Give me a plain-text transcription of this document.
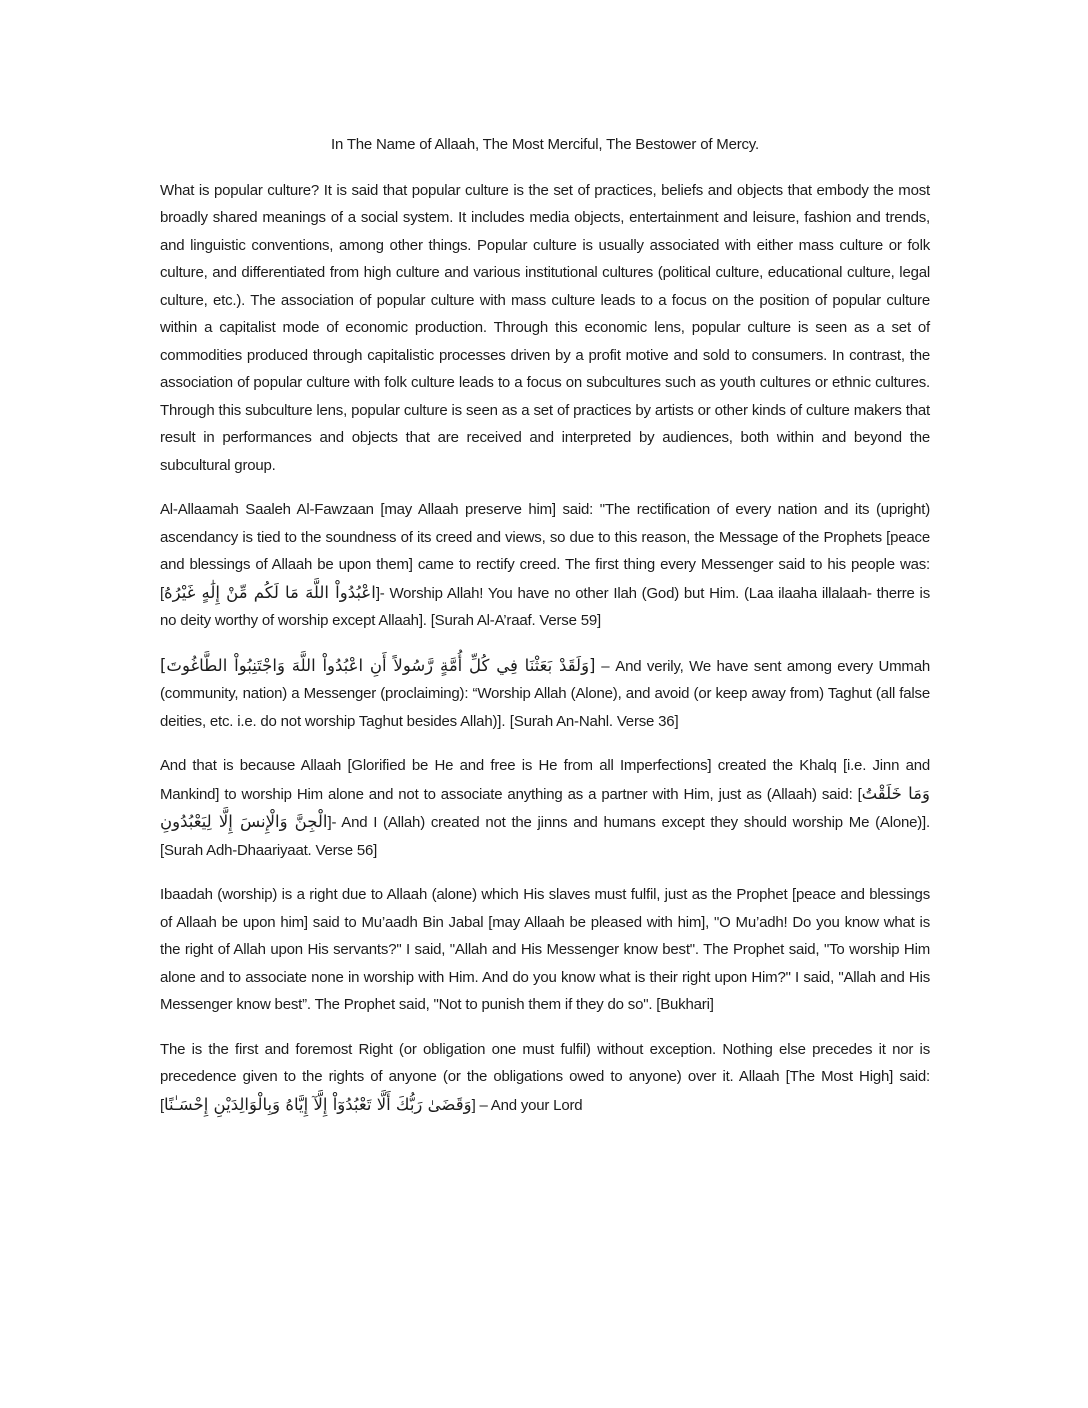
In The Name of Allaah, The Most Merciful, The Bestower of Mercy.

What is popular culture? It is said that popular culture is the set of practices, beliefs and objects that embody the most broadly shared meanings of a social system. It includes media objects, entertainment and leisure, fashion and trends, and linguistic conventions, among other things. Popular culture is usually associated with either mass culture or folk culture, and differentiated from high culture and various institutional cultures (political culture, educational culture, legal culture, etc.). The association of popular culture with mass culture leads to a focus on the position of popular culture within a capitalist mode of economic production. Through this economic lens, popular culture is seen as a set of commodities produced through capitalistic processes driven by a profit motive and sold to consumers. In contrast, the association of popular culture with folk culture leads to a focus on subcultures such as youth cultures or ethnic cultures. Through this subculture lens, popular culture is seen as a set of practices by artists or other kinds of culture makers that result in performances and objects that are received and interpreted by audiences, both within and beyond the subcultural group.

Al-Allaamah Saaleh Al-Fawzaan [may Allaah preserve him] said: "The rectification of every nation and its (upright) ascendancy is tied to the soundness of its creed and views, so due to this reason, the Message of the Prophets [peace and blessings of Allaah be upon them] came to rectify creed. The first thing every Messenger said to his people was: [اعْبُدُواْ اللَّهَ مَا لَكُم مِّنْ إِلَٰهٍ غَيْرُهُ]- Worship Allah! You have no other Ilah (God) but Him. (Laa ilaaha illalaah- therre is no deity worthy of worship except Allaah]. [Surah Al-A’raaf. Verse 59]

[وَلَقَدْ بَعَثْنَا فِي كُلِّ أُمَّةٍ رَّسُولاً أَنِ اعْبُدُواْ اللَّهَ وَاجْتَنِبُواْ الطَّاغُوتَ] – And verily, We have sent among every Ummah (community, nation) a Messenger (proclaiming): “Worship Allah (Alone), and avoid (or keep away from) Taghut (all false deities, etc. i.e. do not worship Taghut besides Allah)]. [Surah An-Nahl. Verse 36]

And that is because Allaah [Glorified be He and free is He from all Imperfections] created the Khalq [i.e. Jinn and Mankind] to worship Him alone and not to associate anything as a partner with Him, just as (Allaah) said: [وَمَا خَلَقْتُ الْجِنَّ وَالْإِنسَ إِلَّا لِيَعْبُدُونِ]- And I (Allah) created not the jinns and humans except they should worship Me (Alone)]. [Surah Adh-Dhaariyaat. Verse 56]

Ibaadah (worship) is a right due to Allaah (alone) which His slaves must fulfil, just as the Prophet [peace and blessings of Allaah be upon him] said to Mu’aadh Bin Jabal [may Allaah be pleased with him], "O Mu’adh! Do you know what is the right of Allah upon His servants?" I said, "Allah and His Messenger know best". The Prophet said, "To worship Him alone and to associate none in worship with Him. And do you know what is their right upon Him?" I said, "Allah and His Messenger know best”. The Prophet said, "Not to punish them if they do so". [Bukhari]

The is the first and foremost Right (or obligation one must fulfil) without exception. Nothing else precedes it nor is precedence given to the rights of anyone (or the obligations owed to anyone) over it. Allaah [The Most High] said: [وَقَضَىٰ رَبُّكَ أَلَّا تَعْبُدُوٓاْ إِلَّآ إِيَّاهُ وَبِالْوَالِدَيْنِ إِحْسَـٰنًا] – And your Lord
